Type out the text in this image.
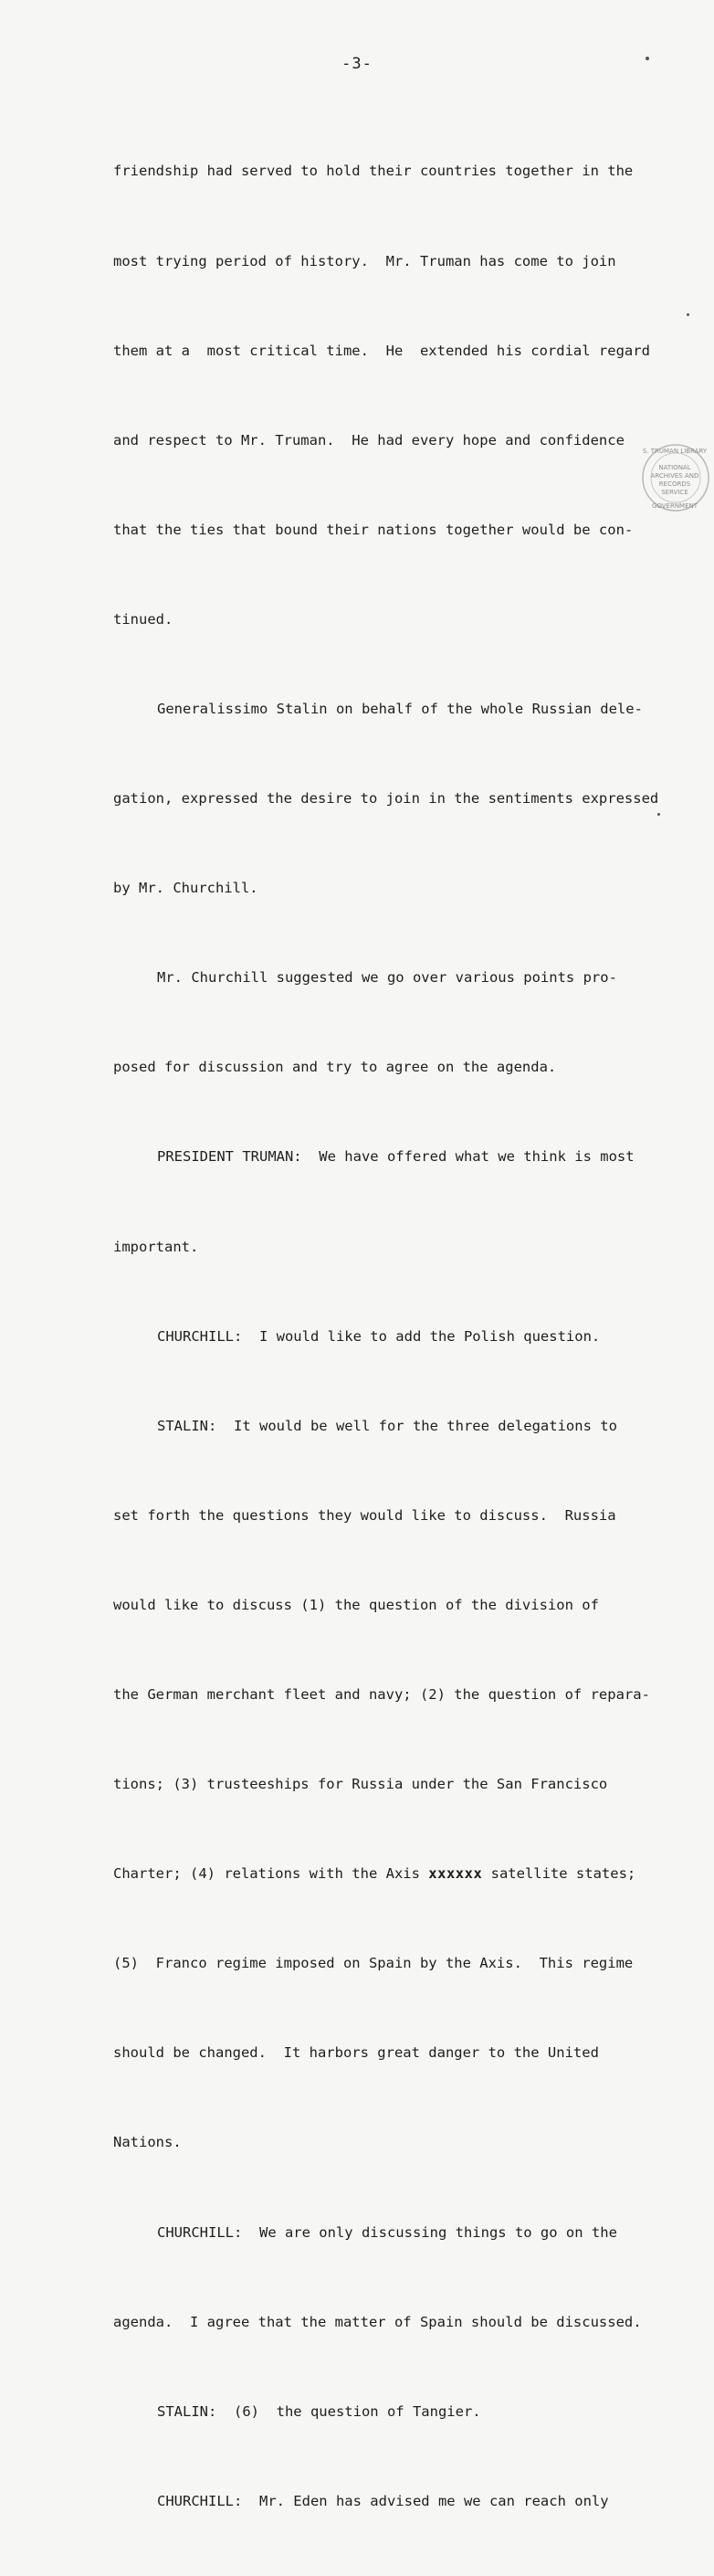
-3-

friendship had served to hold their countries together in the

most trying period of history.  Mr. Truman has come to join

them at a  most critical time.  He  extended his cordial regard

and respect to Mr. Truman.  He had every hope and confidence

that the ties that bound their nations together would be con-

tinued.

Generalissimo Stalin on behalf of the whole Russian dele-

gation, expressed the desire to join in the sentiments expressed

by Mr. Churchill.

Mr. Churchill suggested we go over various points pro-

posed for discussion and try to agree on the agenda.

PRESIDENT TRUMAN:  We have offered what we think is most

important.

CHURCHILL:  I would like to add the Polish question.

STALIN:  It would be well for the three delegations to

set forth the questions they would like to discuss.  Russia

would like to discuss (1) the question of the division of

the German merchant fleet and navy; (2) the question of repara-

tions; (3) trusteeships for Russia under the San Francisco

Charter; (4) relations with the Axis xxxxxx satellite states;

(5)  Franco regime imposed on Spain by the Axis.  This regime

should be changed.  It harbors great danger to the United

Nations.

CHURCHILL:  We are only discussing things to go on the

agenda.  I agree that the matter of Spain should be discussed.

STALIN:  (6)  the question of Tangier.

CHURCHILL:  Mr. Eden has advised me we can reach only

S. TRUMAN LIBRARY
NATIONAL
ARCHIVES AND
RECORDS
SERVICE
GOVERNMENT
